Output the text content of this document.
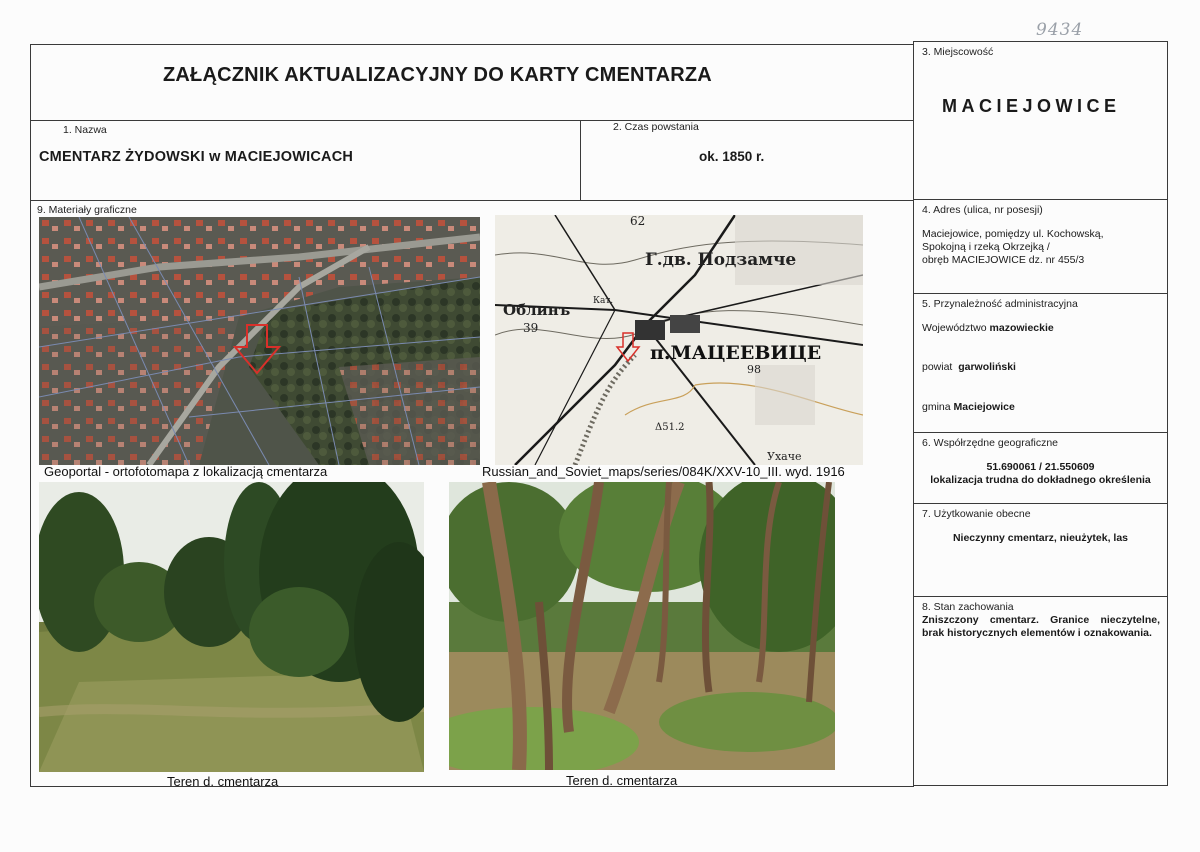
9434
ZAŁĄCZNIK AKTUALIZACYJNY DO KARTY CMENTARZA
1. Nazwa
CMENTARZ ŻYDOWSKI w MACIEJOWICACH
2. Czas powstania
ok. 1850 r.
9. Materiały graficzne
Geoportal - ortofotomapa z lokalizacją cmentarza
62
Г.дв. Подзамче
Облинъ
39
Кат.
п.МАЦЕЕВИЦЕ
98
Δ51.2
Ухаче
Russian_and_Soviet_maps/series/084K/XXV-10_III. wyd. 1916
Teren d. cmentarza	Teren d. cmentarza
3. Miejscowość
MACIEJOWICE
4. Adres (ulica, nr posesji)
Maciejowice, pomiędzy ul. Kochowską,
Spokojną i rzeką Okrzejką /
obręb MACIEJOWICE dz. nr 455/3
5. Przynależność administracyjna
Województwo mazowieckie
powiat garwoliński
gmina Maciejowice
6. Współrzędne geograficzne
51.690061 / 21.550609
lokalizacja trudna do dokładnego określenia
7. Użytkowanie obecne
Nieczynny cmentarz, nieużytek, las
8. Stan zachowania
Zniszczony cmentarz. Granice nieczytelne, brak historycznych elementów i oznakowania.
